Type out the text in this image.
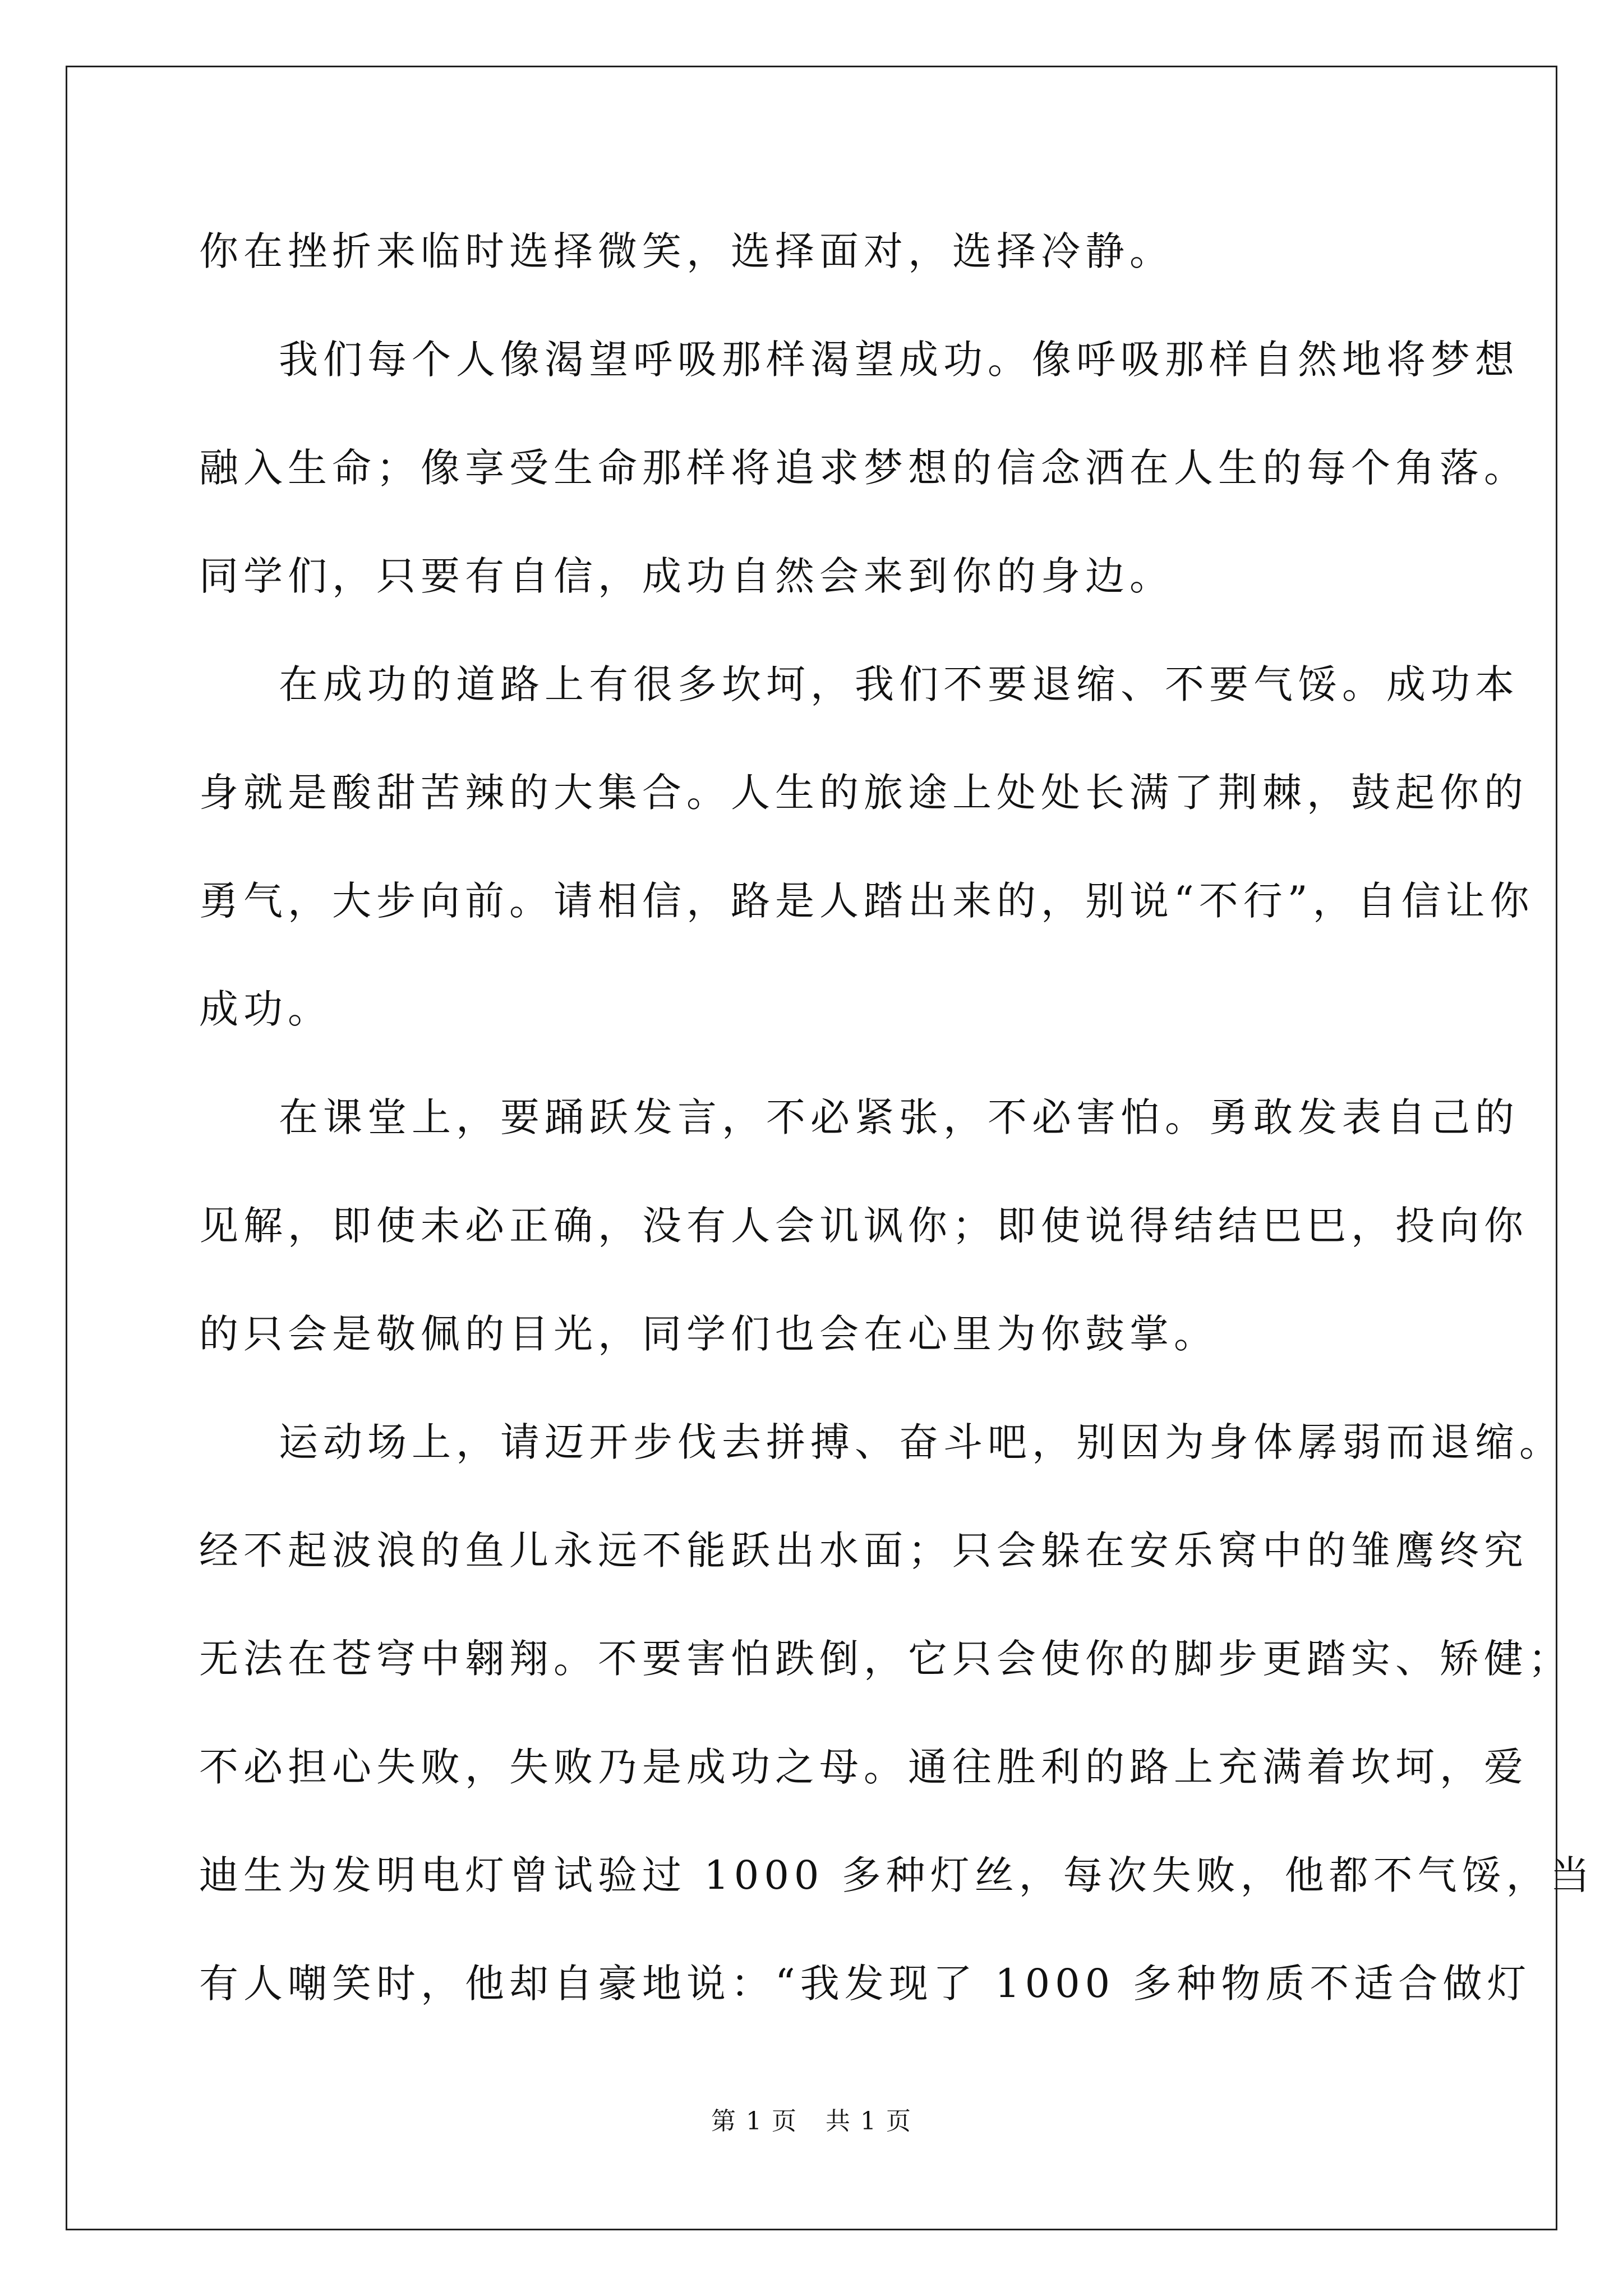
你在挫折来临时选择微笑，选择面对，选择冷静。
我们每个人像渴望呼吸那样渴望成功。像呼吸那样自然地将梦想
融入生命；像享受生命那样将追求梦想的信念洒在人生的每个角落。
同学们，只要有自信，成功自然会来到你的身边。
在成功的道路上有很多坎坷，我们不要退缩、不要气馁。成功本
身就是酸甜苦辣的大集合。人生的旅途上处处长满了荆棘，鼓起你的
勇气，大步向前。请相信，路是人踏出来的，别说“不行”，自信让你
成功。
在课堂上，要踊跃发言，不必紧张，不必害怕。勇敢发表自己的
见解，即使未必正确，没有人会讥讽你；即使说得结结巴巴，投向你
的只会是敬佩的目光，同学们也会在心里为你鼓掌。
运动场上，请迈开步伐去拼搏、奋斗吧，别因为身体孱弱而退缩。
经不起波浪的鱼儿永远不能跃出水面；只会躲在安乐窝中的雏鹰终究
无法在苍穹中翱翔。不要害怕跌倒，它只会使你的脚步更踏实、矫健；
不必担心失败，失败乃是成功之母。通往胜利的路上充满着坎坷，爱
迪生为发明电灯曾试验过 1000 多种灯丝，每次失败，他都不气馁，当
有人嘲笑时，他却自豪地说：“我发现了 1000 多种物质不适合做灯
第 1 页 共 1 页
